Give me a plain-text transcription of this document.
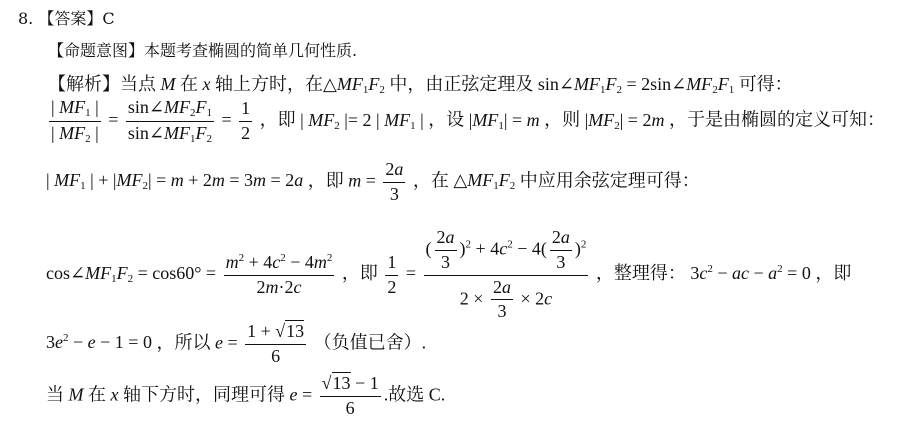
8. 【答案】C
【命题意图】本题考查椭圆的简单几何性质.
【解析】当点 M 在 x 轴上方时，在$\triangle MF_1F_2$ 中，由正弦定理及 $\sin\angle MF_1F_2$ = $2\sin\angle MF_2F_1$ 可得：
$\frac{| MF_1 |}{| MF_2 |} = \frac{\sin\angle MF_2F_1}{\sin\angle MF_1F_2} = \frac{1}{2}$ ，即 | $MF_2$ |= 2 | $MF_1$ | ，设 $|MF_1| = m$ ，则 $|MF_2| = 2m$ ，于是由椭圆的定义可知：
| $MF_1$ | + $|MF_2| = m + 2m = 3m = 2a$ ，即 $m = \frac{2a}{3}$ ，在 $\triangle MF_1F_2$ 中应用余弦定理可得：
$\cos\angle MF_1F_2 = \cos 60^\circ = \frac{m^2 + 4c^2 - 4m^2}{2m\cdot 2c}$ ，即 $\frac{1}{2} = \frac{( \frac{2a}{3} )^2 + 4c^2 - 4( \frac{2a}{3} )^2}{2 \times \frac{2a}{3} \times 2c}$ ，整理得： $3c^2$ − ac − $a^2 = 0$ ，即
$3e^2 - e - 1 = 0$ ，所以 $e = \frac{1 + √13}{6}$ （负值已舍）.
当 M 在 x 轴下方时，同理可得 $e = \frac{√13 - 1}{6}$ .故选 C.
